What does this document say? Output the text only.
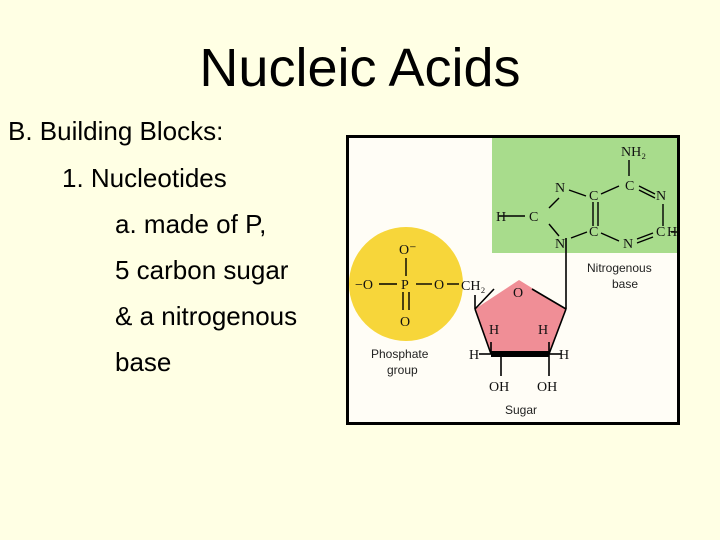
Nucleic Acids
B. Building Blocks:
1. Nucleotides
a. made of P,
5 carbon sugar
& a nitrogenous
base
NH₂
N
C
C
N
H C
C	C H
N	N
O⁻
−O P O
O
CH₂ O
H	H
H	H
OH OH
Phosphate
group
Nitrogenous
base
Sugar
